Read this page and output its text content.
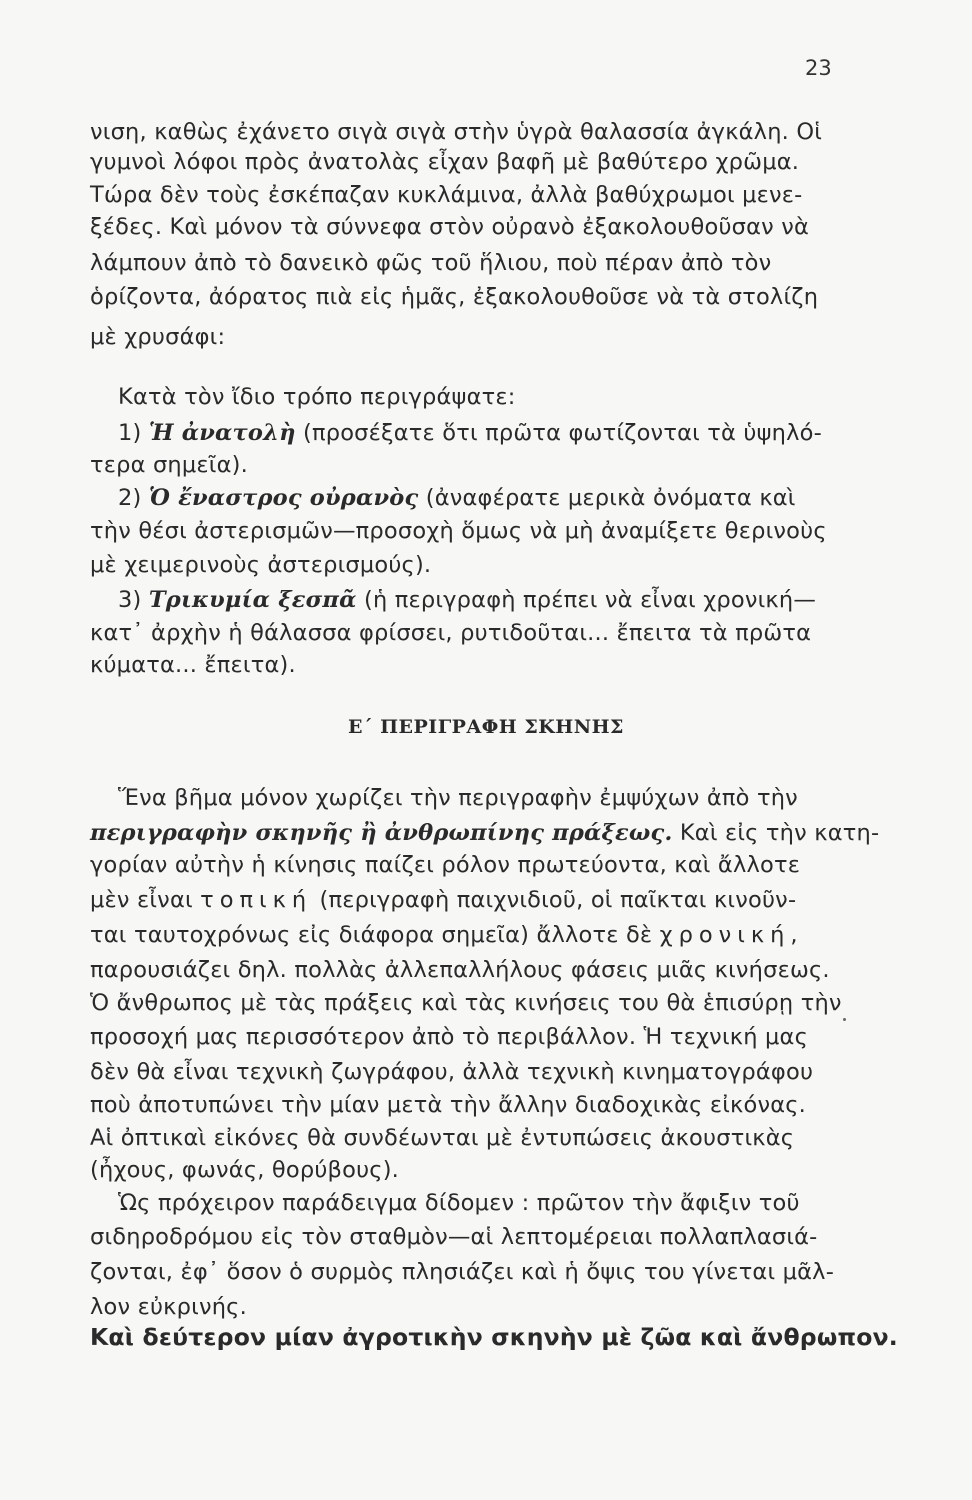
23
νιση, καθὼς ἐχάνετο σιγὰ σιγὰ στὴν ὑγρὰ θαλασσία ἀγκάλη. Οἱ
γυμνοὶ λόφοι πρὸς ἀνατολὰς εἶχαν βαφῆ μὲ βαθύτερο χρῶμα.
Τώρα δὲν τοὺς ἐσκέπαζαν κυκλάμινα, ἀλλὰ βαθύχρωμοι μενε-
ξέδες. Καὶ μόνον τὰ σύννεφα στὸν οὐρανὸ ἐξακολουθοῦσαν νὰ
λάμπουν ἀπὸ τὸ δανεικὸ φῶς τοῦ ἥλιου, ποὺ πέραν ἀπὸ τὸν
ὁρίζοντα, ἀόρατος πιὰ εἰς ἡμᾶς, ἐξακολουθοῦσε νὰ τὰ στολίζη
μὲ χρυσάφι:
Κατὰ τὸν ἴδιο τρόπο περιγράψατε:
1) Ἡ ἀνατολὴ (προσέξατε ὅτι πρῶτα φωτίζονται τὰ ὑψηλό-
τερα σημεῖα).
2) Ὁ ἔναστρος οὐρανὸς (ἀναφέρατε μερικὰ ὀνόματα καὶ
τὴν θέσι ἀστερισμῶν—προσοχὴ ὅμως νὰ μὴ ἀναμίξετε θερινοὺς
μὲ χειμερινοὺς ἀστερισμούς).
3) Τρικυμία ξεσπᾶ (ἡ περιγραφὴ πρέπει νὰ εἶναι χρονική—
κατ᾽ ἀρχὴν ἡ θάλασσα φρίσσει, ρυτιδοῦται... ἔπειτα τὰ πρῶτα
κύματα... ἔπειτα).
Ε΄ ΠΕΡΙΓΡΑΦΗ ΣΚΗΝΗΣ
Ἕνα βῆμα μόνον χωρίζει τὴν περιγραφὴν ἐμψύχων ἀπὸ τὴν
περιγραφὴν σκηνῆς ἢ ἀνθρωπίνης πράξεως. Καὶ εἰς τὴν κατη-
γορίαν αὐτὴν ἡ κίνησις παίζει ρόλον πρωτεύοντα, καὶ ἄλλοτε
μὲν εἶναι τοπική (περιγραφὴ παιχνιδιοῦ, οἱ παῖκται κινοῦν-
ται ταυτοχρόνως εἰς διάφορα σημεῖα) ἄλλοτε δὲ χρονική,
παρουσιάζει δηλ. πολλὰς ἀλλεπαλλήλους φάσεις μιᾶς κινήσεως.
Ὁ ἄνθρωπος μὲ τὰς πράξεις καὶ τὰς κινήσεις του θὰ ἑπισύρῃ τὴν
προσοχή μας περισσότερον ἀπὸ τὸ περιβάλλον. Ἡ τεχνική μας
δὲν θὰ εἶναι τεχνικὴ ζωγράφου, ἀλλὰ τεχνικὴ κινηματογράφου
ποὺ ἀποτυπώνει τὴν μίαν μετὰ τὴν ἄλλην διαδοχικὰς εἰκόνας.
Αἱ ὀπτικαὶ εἰκόνες θὰ συνδέωνται μὲ ἐντυπώσεις ἀκουστικὰς
(ἦχους, φωνάς, θορύβους).
Ὡς πρόχειρον παράδειγμα δίδομεν : πρῶτον τὴν ἄφιξιν τοῦ
σιδηροδρόμου εἰς τὸν σταθμὸν—αἱ λεπτομέρειαι πολλαπλασιά-
ζονται, ἐφ᾽ ὅσον ὁ συρμὸς πλησιάζει καὶ ἡ ὄψις του γίνεται μᾶλ-
λον εὐκρινής.
Καὶ δεύτερον μίαν ἀγροτικὴν σκηνὴν μὲ ζῶα καὶ ἄνθρωπον.
